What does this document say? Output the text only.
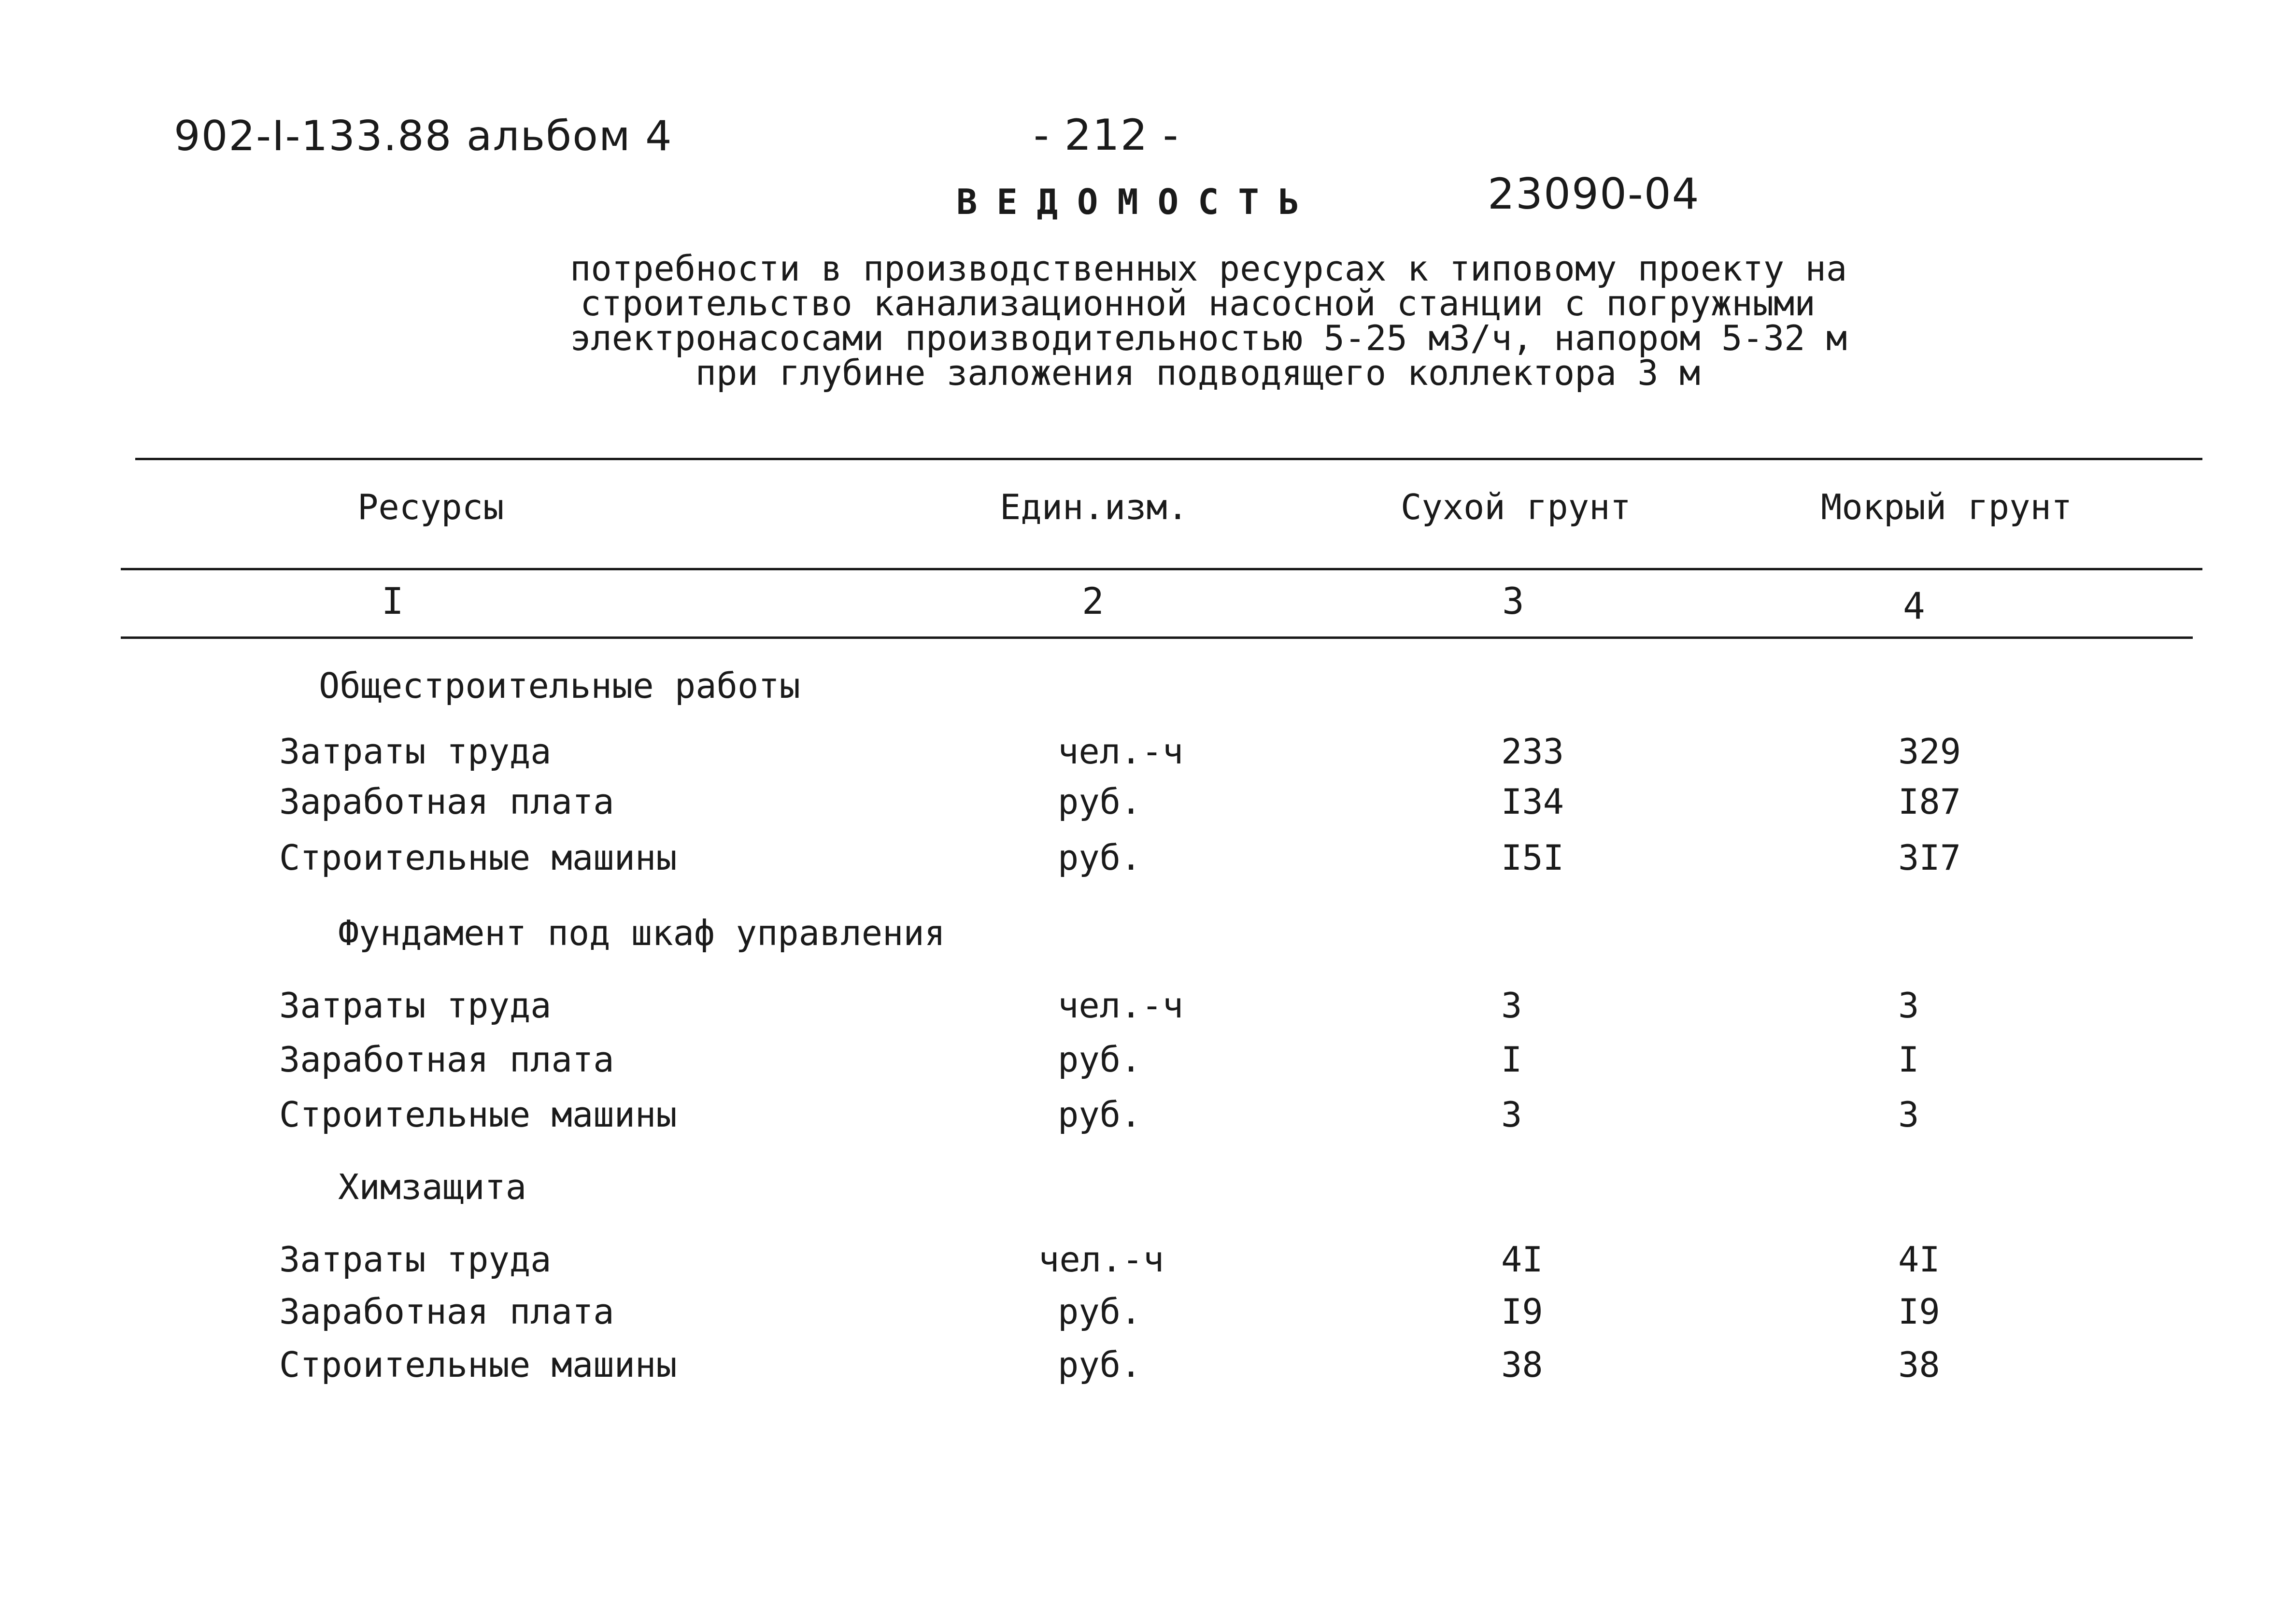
902-I-133.88 альбом 4	- 212 -
ВЕДОМОСТЬ	23090-04
потребности в производственных ресурсах к типовому проекту на
строительство канализационной насосной станции с погружными
электронасосами производительностью 5-25 м3/ч, напором 5-32 м
при глубине заложения подводящего коллектора 3 м
Ресурсы	Един.изм.	Сухой грунт	Мокрый грунт
I	2	3	4
Общестроительные работы
Затраты труда	чел.-ч	233	329
Заработная плата	руб.	I34	I87
Строительные машины	руб.	I5I	3I7
Фундамент под шкаф управления
Затраты труда	чел.-ч	3	3
Заработная плата	руб.	I	I
Строительные машины	руб.	3	3
Химзащита
Затраты труда	чел.-ч	4I	4I
Заработная плата	руб.	I9	I9
Строительные машины	руб.	38	38
